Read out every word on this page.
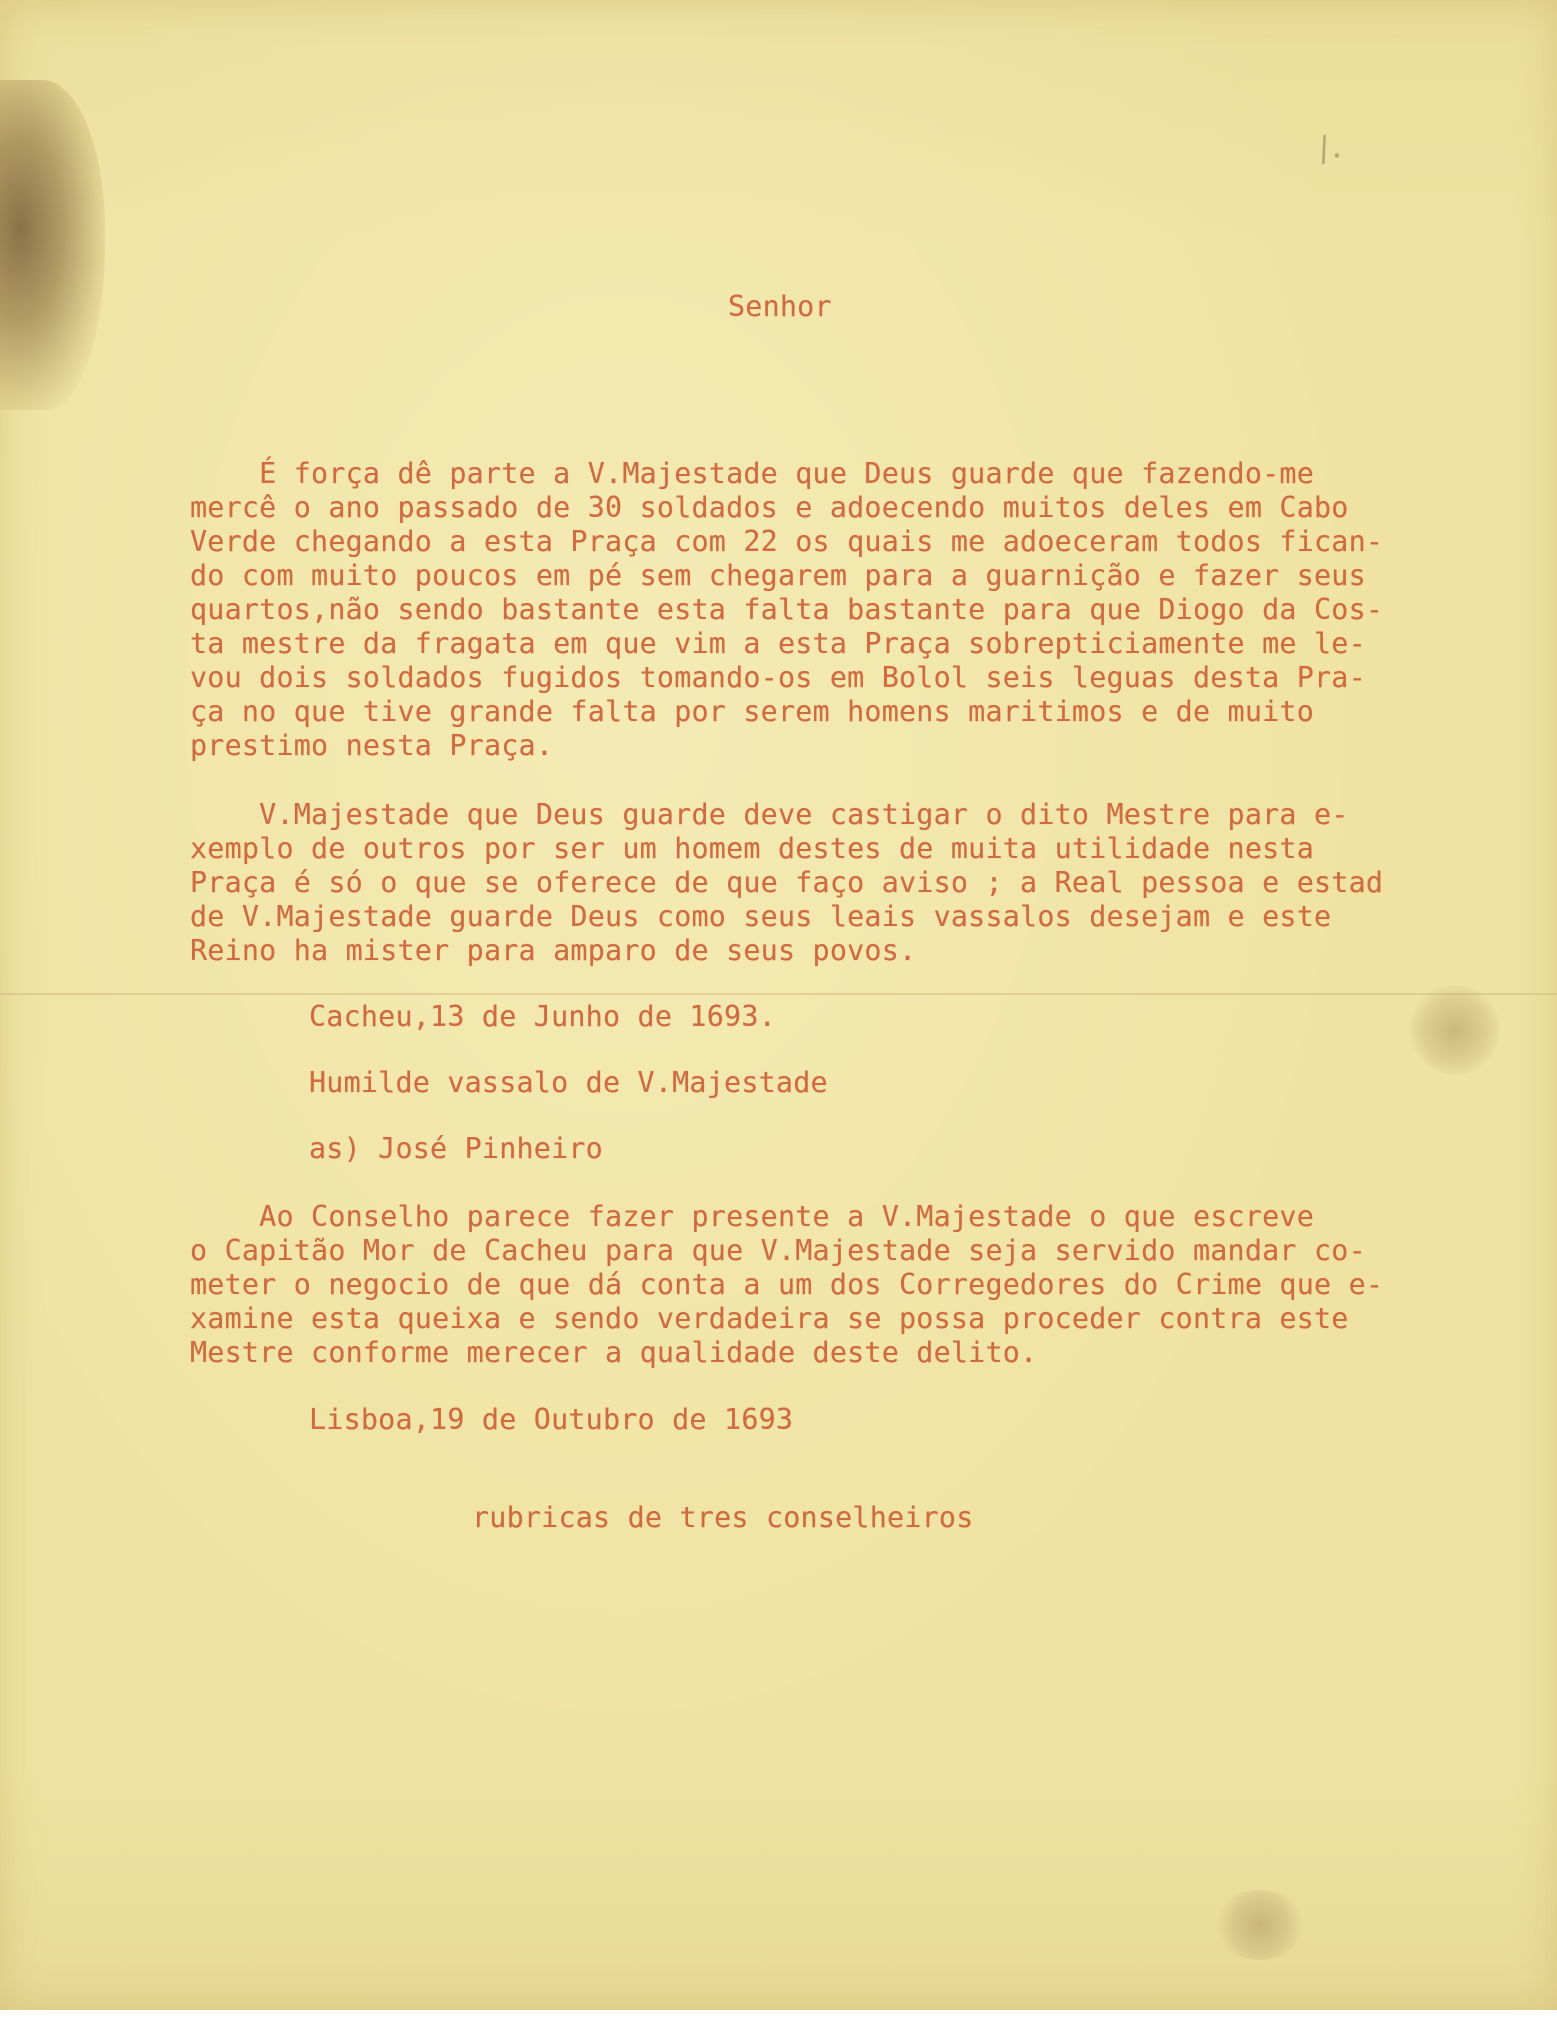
/.
Senhor
É força dê parte a V.Majestade que Deus guarde que fazendo-me
mercê o ano passado de 30 soldados e adoecendo muitos deles em Cabo
Verde chegando a esta Praça com 22 os quais me adoeceram todos fican-
do com muito poucos em pé sem chegarem para a guarnição e fazer seus
quartos,não sendo bastante esta falta bastante para que Diogo da Cos-
ta mestre da fragata em que vim a esta Praça sobrepticiamente me le-
vou dois soldados fugidos tomando-os em Bolol seis leguas desta Pra-
ça no que tive grande falta por serem homens maritimos e de muito
prestimo nesta Praça.
V.Majestade que Deus guarde deve castigar o dito Mestre para e-
xemplo de outros por ser um homem destes de muita utilidade nesta
Praça é só o que se oferece de que faço aviso ; a Real pessoa e estad
de V.Majestade guarde Deus como seus leais vassalos desejam e este
Reino ha mister para amparo de seus povos.
Cacheu,13 de Junho de 1693.
Humilde vassalo de V.Majestade
as) José Pinheiro
Ao Conselho parece fazer presente a V.Majestade o que escreve
o Capitão Mor de Cacheu para que V.Majestade seja servido mandar co-
meter o negocio de que dá conta a um dos Corregedores do Crime que e-
xamine esta queixa e sendo verdadeira se possa proceder contra este
Mestre conforme merecer a qualidade deste delito.
Lisboa,19 de Outubro de 1693
rubricas de tres conselheiros
